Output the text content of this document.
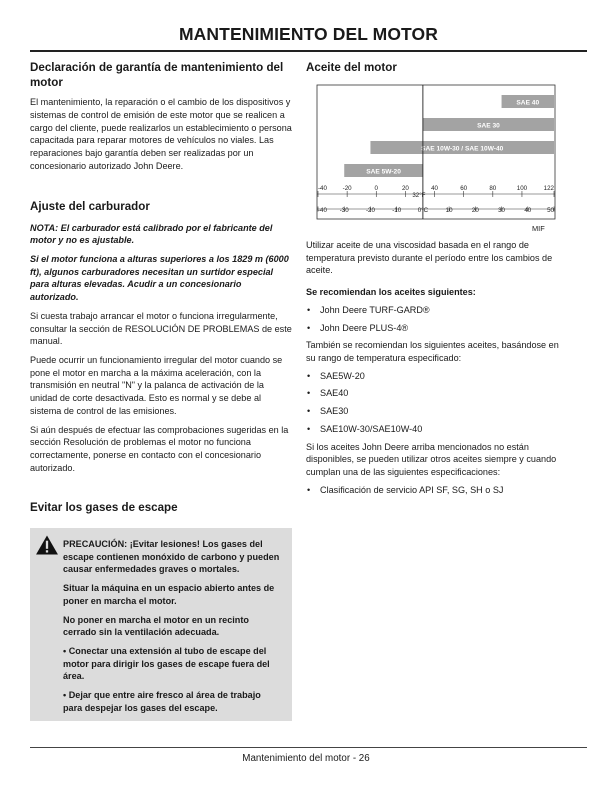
MANTENIMIENTO DEL MOTOR
Declaración de garantía de mantenimiento del motor

El mantenimiento, la reparación o el cambio de los dispositivos y sistemas de control de emisión de este motor que se realicen a cargo del cliente, puede realizarlos un establecimiento o persona capacitada para reparar motores de vehículos no viales. Las reparaciones bajo garantía deben ser realizadas por un concesionario autorizado John Deere.

Ajuste del carburador

NOTA: El carburador está calibrado por el fabricante del motor y no es ajustable.

Si el motor funciona a alturas superiores a los 1829 m (6000 ft), algunos carburadores necesitan un surtidor especial para alturas elevadas. Acudir a un concesionario autorizado.

Si cuesta trabajo arrancar el motor o funciona irregularmente, consultar la sección de RESOLUCIÓN DE PROBLEMAS de este manual.

Puede ocurrir un funcionamiento irregular del motor cuando se pone el motor en marcha a la máxima aceleración, con la transmisión en neutral "N" y la palanca de activación de la unidad de corte desactivada. Esto es normal y se debe al sistema de control de las emisiones.

Si aún después de efectuar las comprobaciones sugeridas en la sección Resolución de problemas el motor no funciona correctamente, ponerse en contacto con el concesionario autorizado.

Evitar los gases de escape

PRECAUCIÓN: ¡Evitar lesiones! Los gases del escape contienen monóxido de carbono y pueden causar enfermedades graves o mortales.

Situar la máquina en un espacio abierto antes de poner en marcha el motor.

No poner en marcha el motor en un recinto cerrado sin la ventilación adecuada.

• Conectar una extensión al tubo de escape del motor para dirigir los gases de escape fuera del área.

• Dejar que entre aire fresco al área de trabajo para despejar los gases del escape.

Aceite del motor
SAE 40
SAE 30
SAE 10W-30 / SAE 10W-40
SAE 5W-20
-40	-20	0	20	40	60	80	100	122
32°F
-40 -30	-20	-10	0°C	10	20	30	40	50
MIF

Utilizar aceite de una viscosidad basada en el rango de temperatura previsto durante el período entre los cambios de aceite.

Se recomiendan los aceites siguientes:

• John Deere TURF-GARD®
• John Deere PLUS-4®

También se recomiendan los siguientes aceites, basándose en su rango de temperatura especificado:

• SAE5W-20
• SAE40
• SAE30
• SAE10W-30/SAE10W-40

Si los aceites John Deere arriba mencionados no están disponibles, se pueden utilizar otros aceites siempre y cuando cumplan una de las siguientes especificaciones:

• Clasificación de servicio API SF, SG, SH o SJ
Mantenimiento del motor - 26
